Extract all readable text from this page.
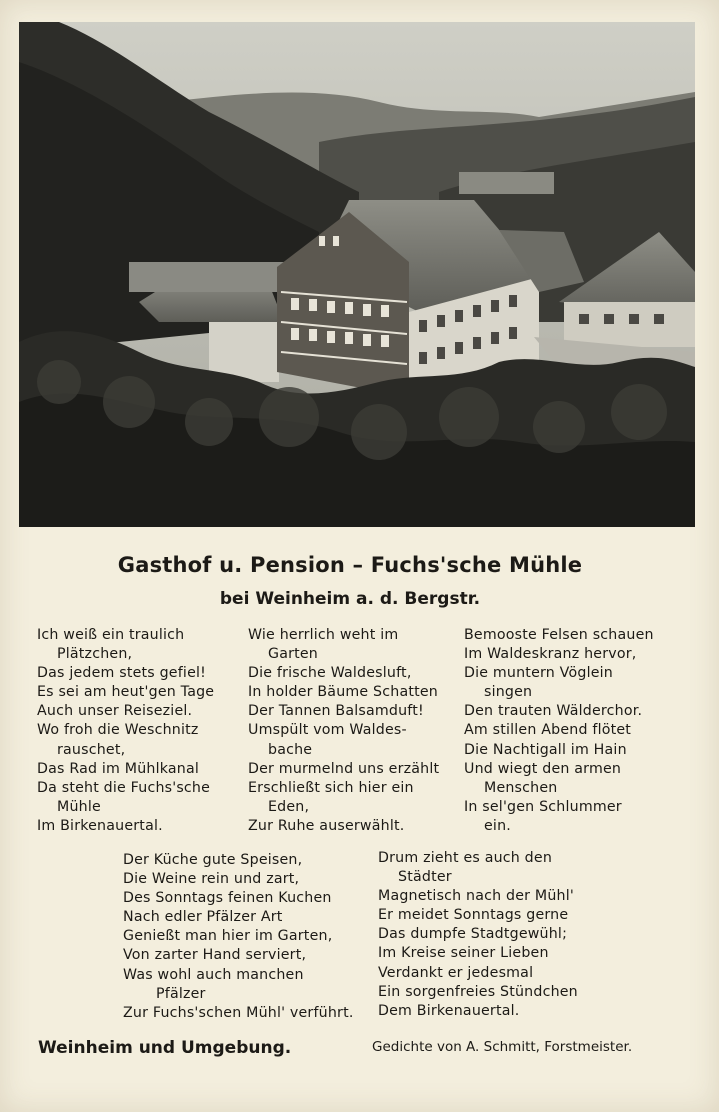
Gasthof u. Pension – Fuchs'sche Mühle
bei Weinheim a. d. Bergstr.
Ich weiß ein traulich
Plätzchen,
Das jedem stets gefiel!
Es sei am heut'gen Tage
Auch unser Reiseziel.
Wo froh die Weschnitz
rauschet,
Das Rad im Mühlkanal
Da steht die Fuchs'sche
Mühle
Im Birkenauertal.
Wie herrlich weht im
Garten
Die frische Waldesluft,
In holder Bäume Schatten
Der Tannen Balsamduft!
Umspült vom Waldes-
bache
Der murmelnd uns erzählt
Erschließt sich hier ein
Eden,
Zur Ruhe auserwählt.
Bemooste Felsen schauen
Im Waldeskranz hervor,
Die muntern Vöglein
singen
Den trauten Wälderchor.
Am stillen Abend flötet
Die Nachtigall im Hain
Und wiegt den armen
Menschen
In sel'gen Schlummer
ein.
Der Küche gute Speisen,
Die Weine rein und zart,
Des Sonntags feinen Kuchen
Nach edler Pfälzer Art
Genießt man hier im Garten,
Von zarter Hand serviert,
Was wohl auch manchen
Pfälzer
Zur Fuchs'schen Mühl' verführt.
Drum zieht es auch den
Städter
Magnetisch nach der Mühl'
Er meidet Sonntags gerne
Das dumpfe Stadtgewühl;
Im Kreise seiner Lieben
Verdankt er jedesmal
Ein sorgenfreies Stündchen
Dem Birkenauertal.
Weinheim und Umgebung.	Gedichte von A. Schmitt, Forstmeister.
